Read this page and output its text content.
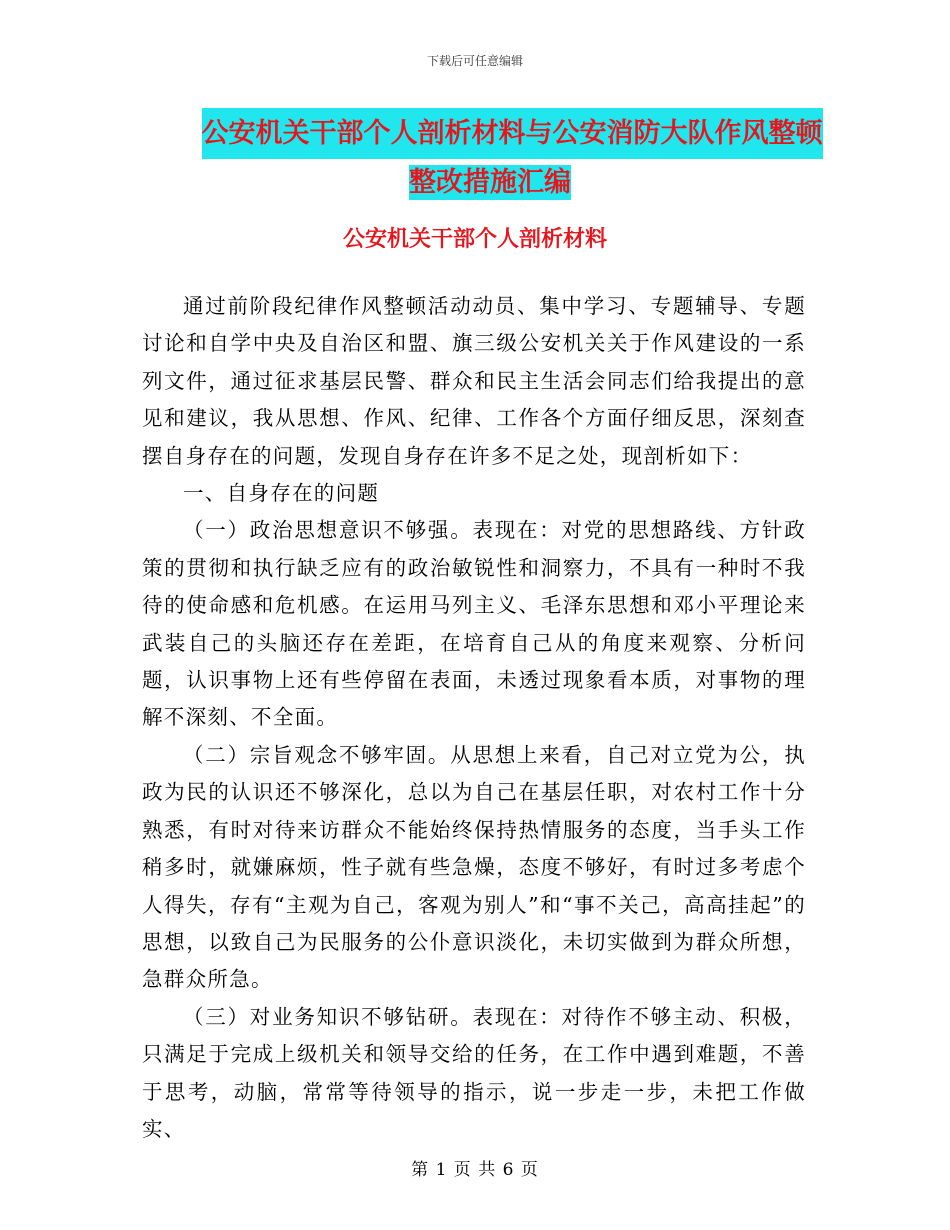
下载后可任意编辑
公安机关干部个人剖析材料与公安消防大队作风整顿
整改措施汇编
公安机关干部个人剖析材料

通过前阶段纪律作风整顿活动动员、集中学习、专题辅导、专题讨论和自学中央及自治区和盟、旗三级公安机关关于作风建设的一系列文件，通过征求基层民警、群众和民主生活会同志们给我提出的意见和建议，我从思想、作风、纪律、工作各个方面仔细反思，深刻查摆自身存在的问题，发现自身存在许多不足之处，现剖析如下：

一、自身存在的问题

（一）政治思想意识不够强。表现在：对党的思想路线、方针政策的贯彻和执行缺乏应有的政治敏锐性和洞察力，不具有一种时不我待的使命感和危机感。在运用马列主义、毛泽东思想和邓小平理论来武装自己的头脑还存在差距，在培育自己从的角度来观察、分析问题，认识事物上还有些停留在表面，未透过现象看本质，对事物的理解不深刻、不全面。

（二）宗旨观念不够牢固。从思想上来看，自己对立党为公，执政为民的认识还不够深化，总以为自己在基层任职，对农村工作十分熟悉，有时对待来访群众不能始终保持热情服务的态度，当手头工作稍多时，就嫌麻烦，性子就有些急燥，态度不够好，有时过多考虑个人得失，存有“主观为自己，客观为别人”和“事不关己，高高挂起”的思想，以致自己为民服务的公仆意识淡化，未切实做到为群众所想，急群众所急。

（三）对业务知识不够钻研。表现在：对待作不够主动、积极，只满足于完成上级机关和领导交给的任务，在工作中遇到难题，不善于思考，动脑，常常等待领导的指示，说一步走一步，未把工作做实、

第 1 页 共 6 页
